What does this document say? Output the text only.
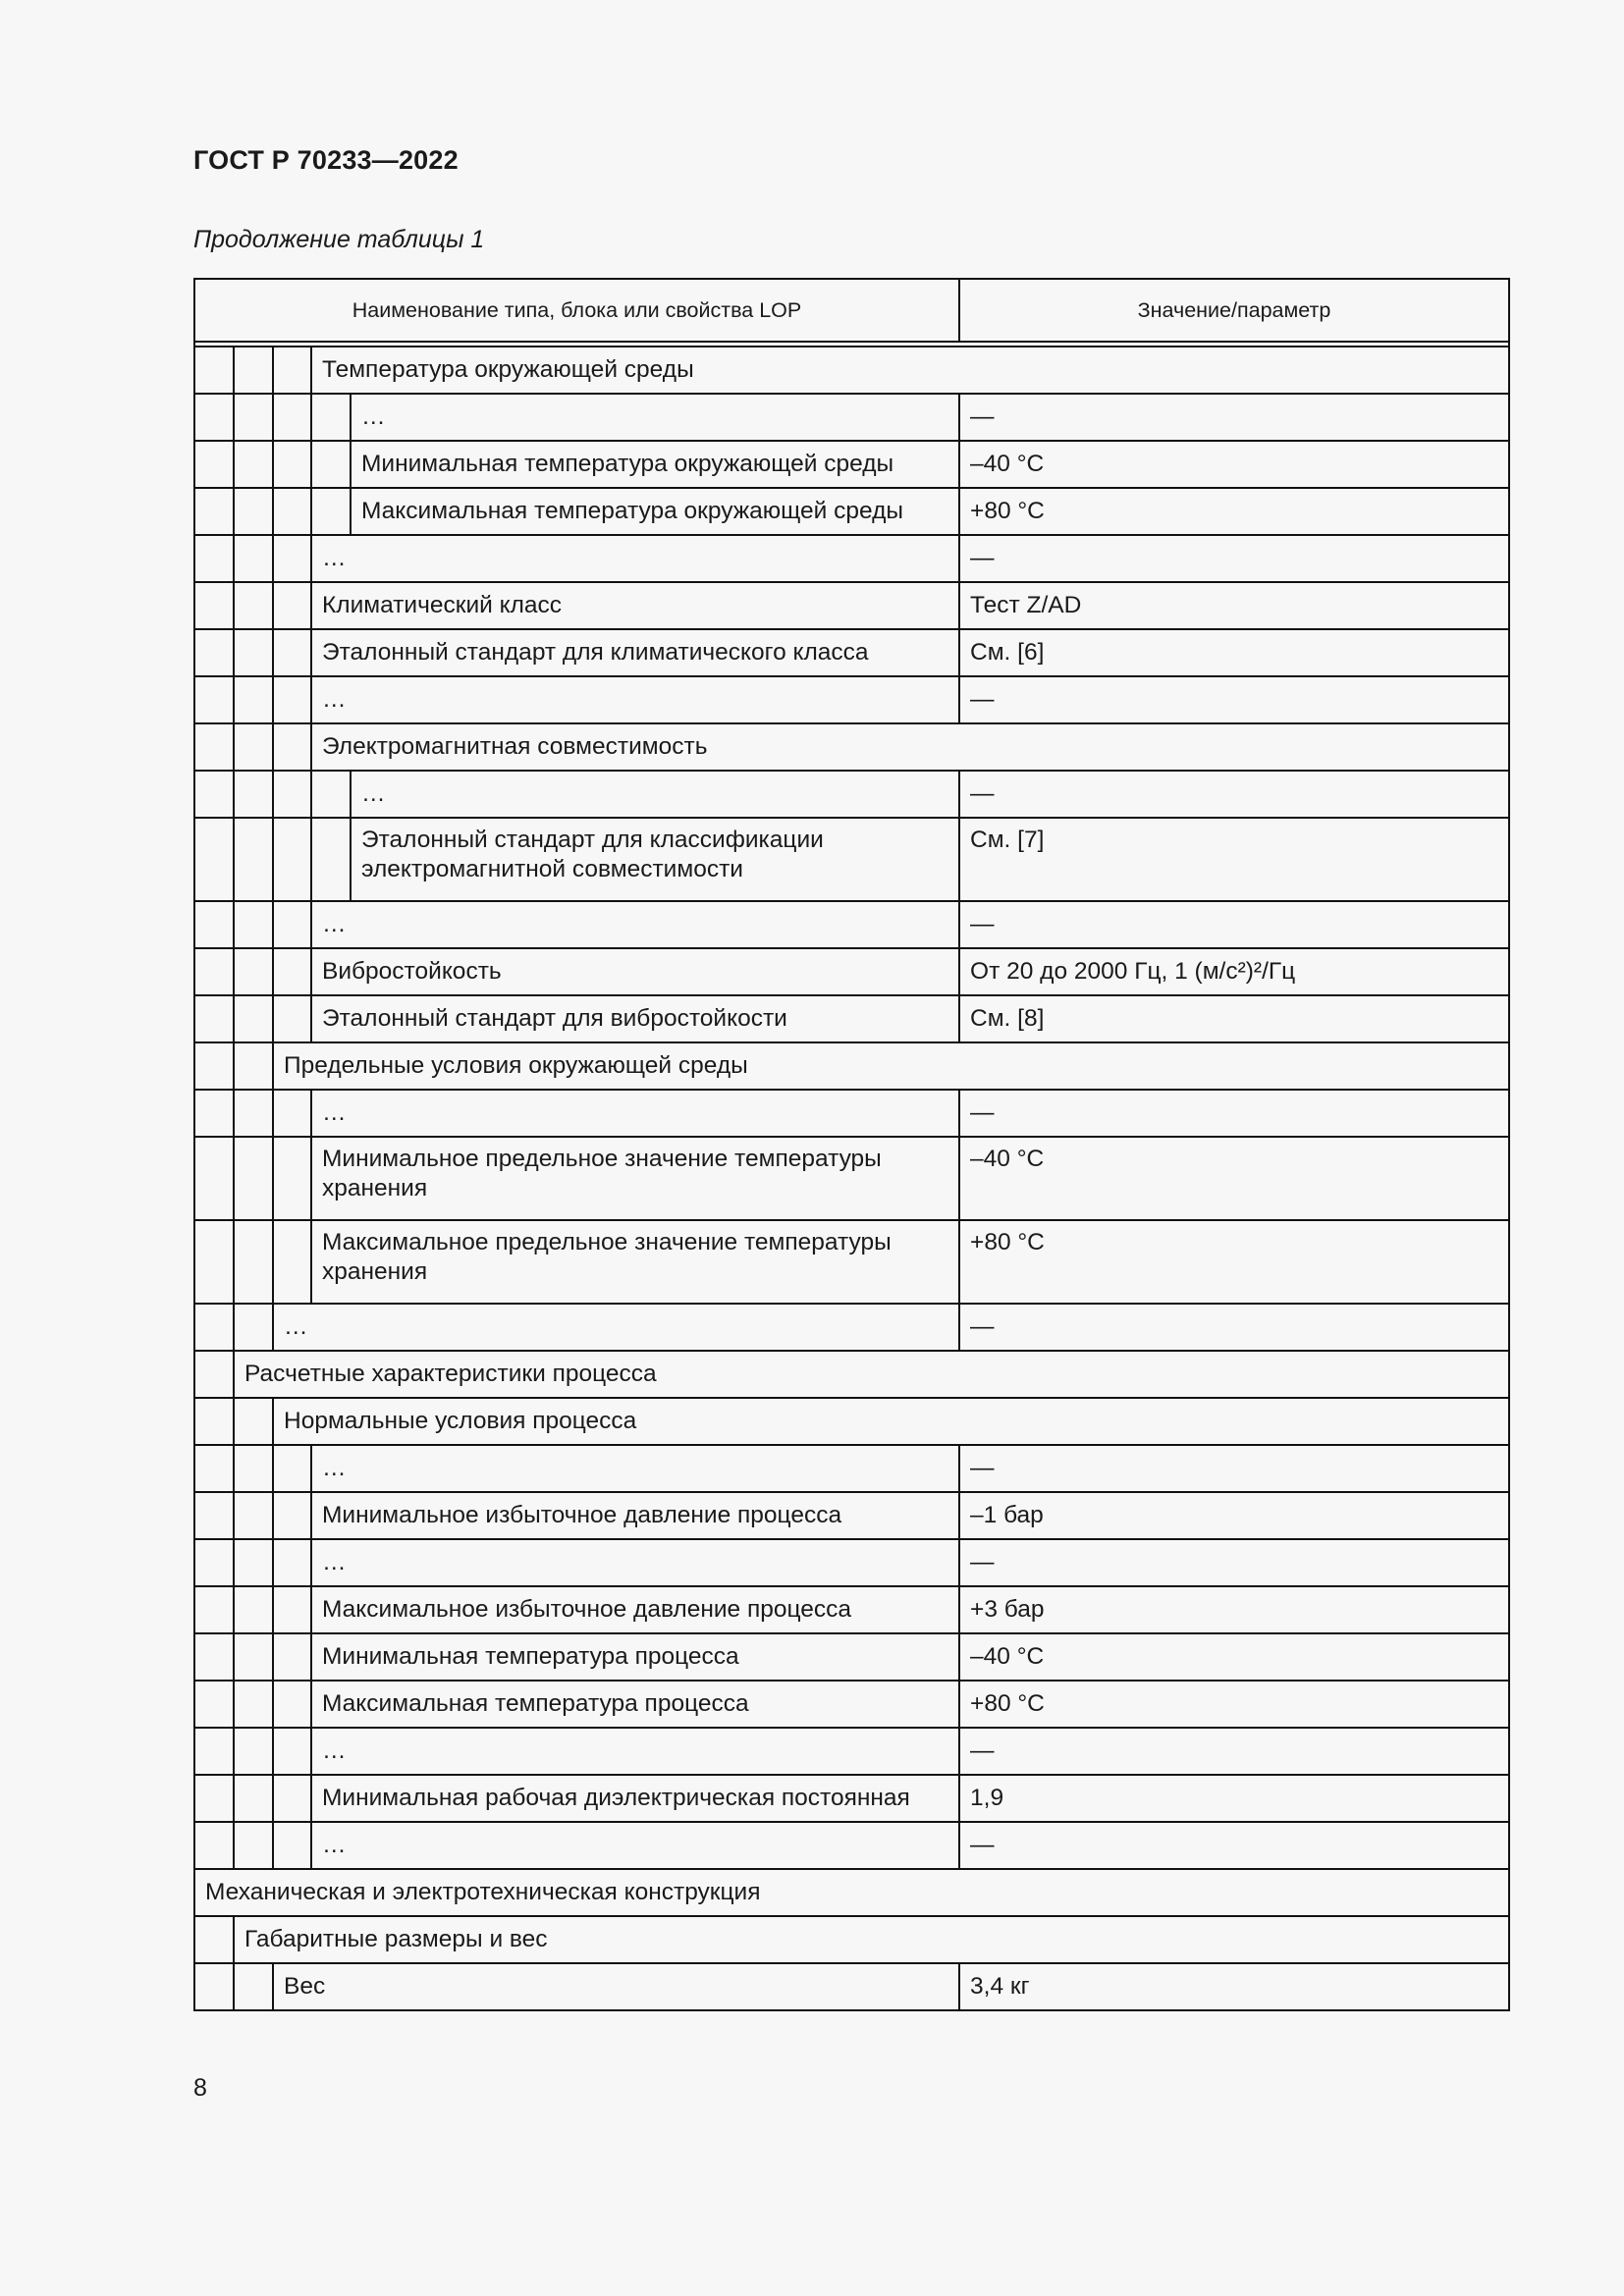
ГОСТ Р 70233—2022
Продолжение таблицы 1
Наименование типа, блока или свойства LOP					Значение/параметр

			Температура окружающей среды		
				…	—
				Минимальная температура окружающей среды	–40 °C
				Максимальная температура окружающей среды	+80 °C
			…		—
			Климатический класс		Тест Z/AD
			Эталонный стандарт для климатического класса		См. [6]
			…		—
			Электромагнитная совместимость		
				…	—
				Эталонный стандарт для классификации электромагнитной совместимости	См. [7]
			…		—
			Вибростойкость		От 20 до 2000 Гц, 1 (м/с²)²/Гц
			Эталонный стандарт для вибростойкости		См. [8]
		Предельные условия окружающей среды			
			…		—
			Минимальное предельное значение температуры хранения		–40 °C
			Максимальное предельное значение температуры хранения		+80 °C
		…			—
	Расчетные характеристики процесса				
		Нормальные условия процесса			
			…		—
			Минимальное избыточное давление процесса		–1 бар
			…		—
			Максимальное избыточное давление процесса		+3 бар
			Минимальная температура процесса		–40 °C
			Максимальная температура процесса		+80 °C
			…		—
			Минимальная рабочая диэлектрическая постоянная		1,9
			…		—
Механическая и электротехническая конструкция					
	Габаритные размеры и вес				
		Вес			3,4 кг
8
